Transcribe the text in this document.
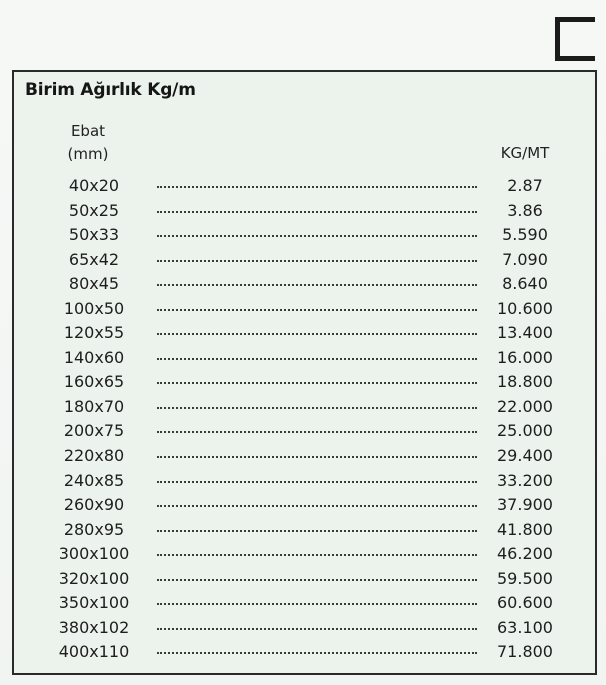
Birim Ağırlık Kg/m
Ebat
(mm)	KG/MT
40x20	2.87
50x25	3.86
50x33	5.590
65x42	7.090
80x45	8.640
100x50	10.600
120x55	13.400
140x60	16.000
160x65	18.800
180x70	22.000
200x75	25.000
220x80	29.400
240x85	33.200
260x90	37.900
280x95	41.800
300x100	46.200
320x100	59.500
350x100	60.600
380x102	63.100
400x110	71.800
